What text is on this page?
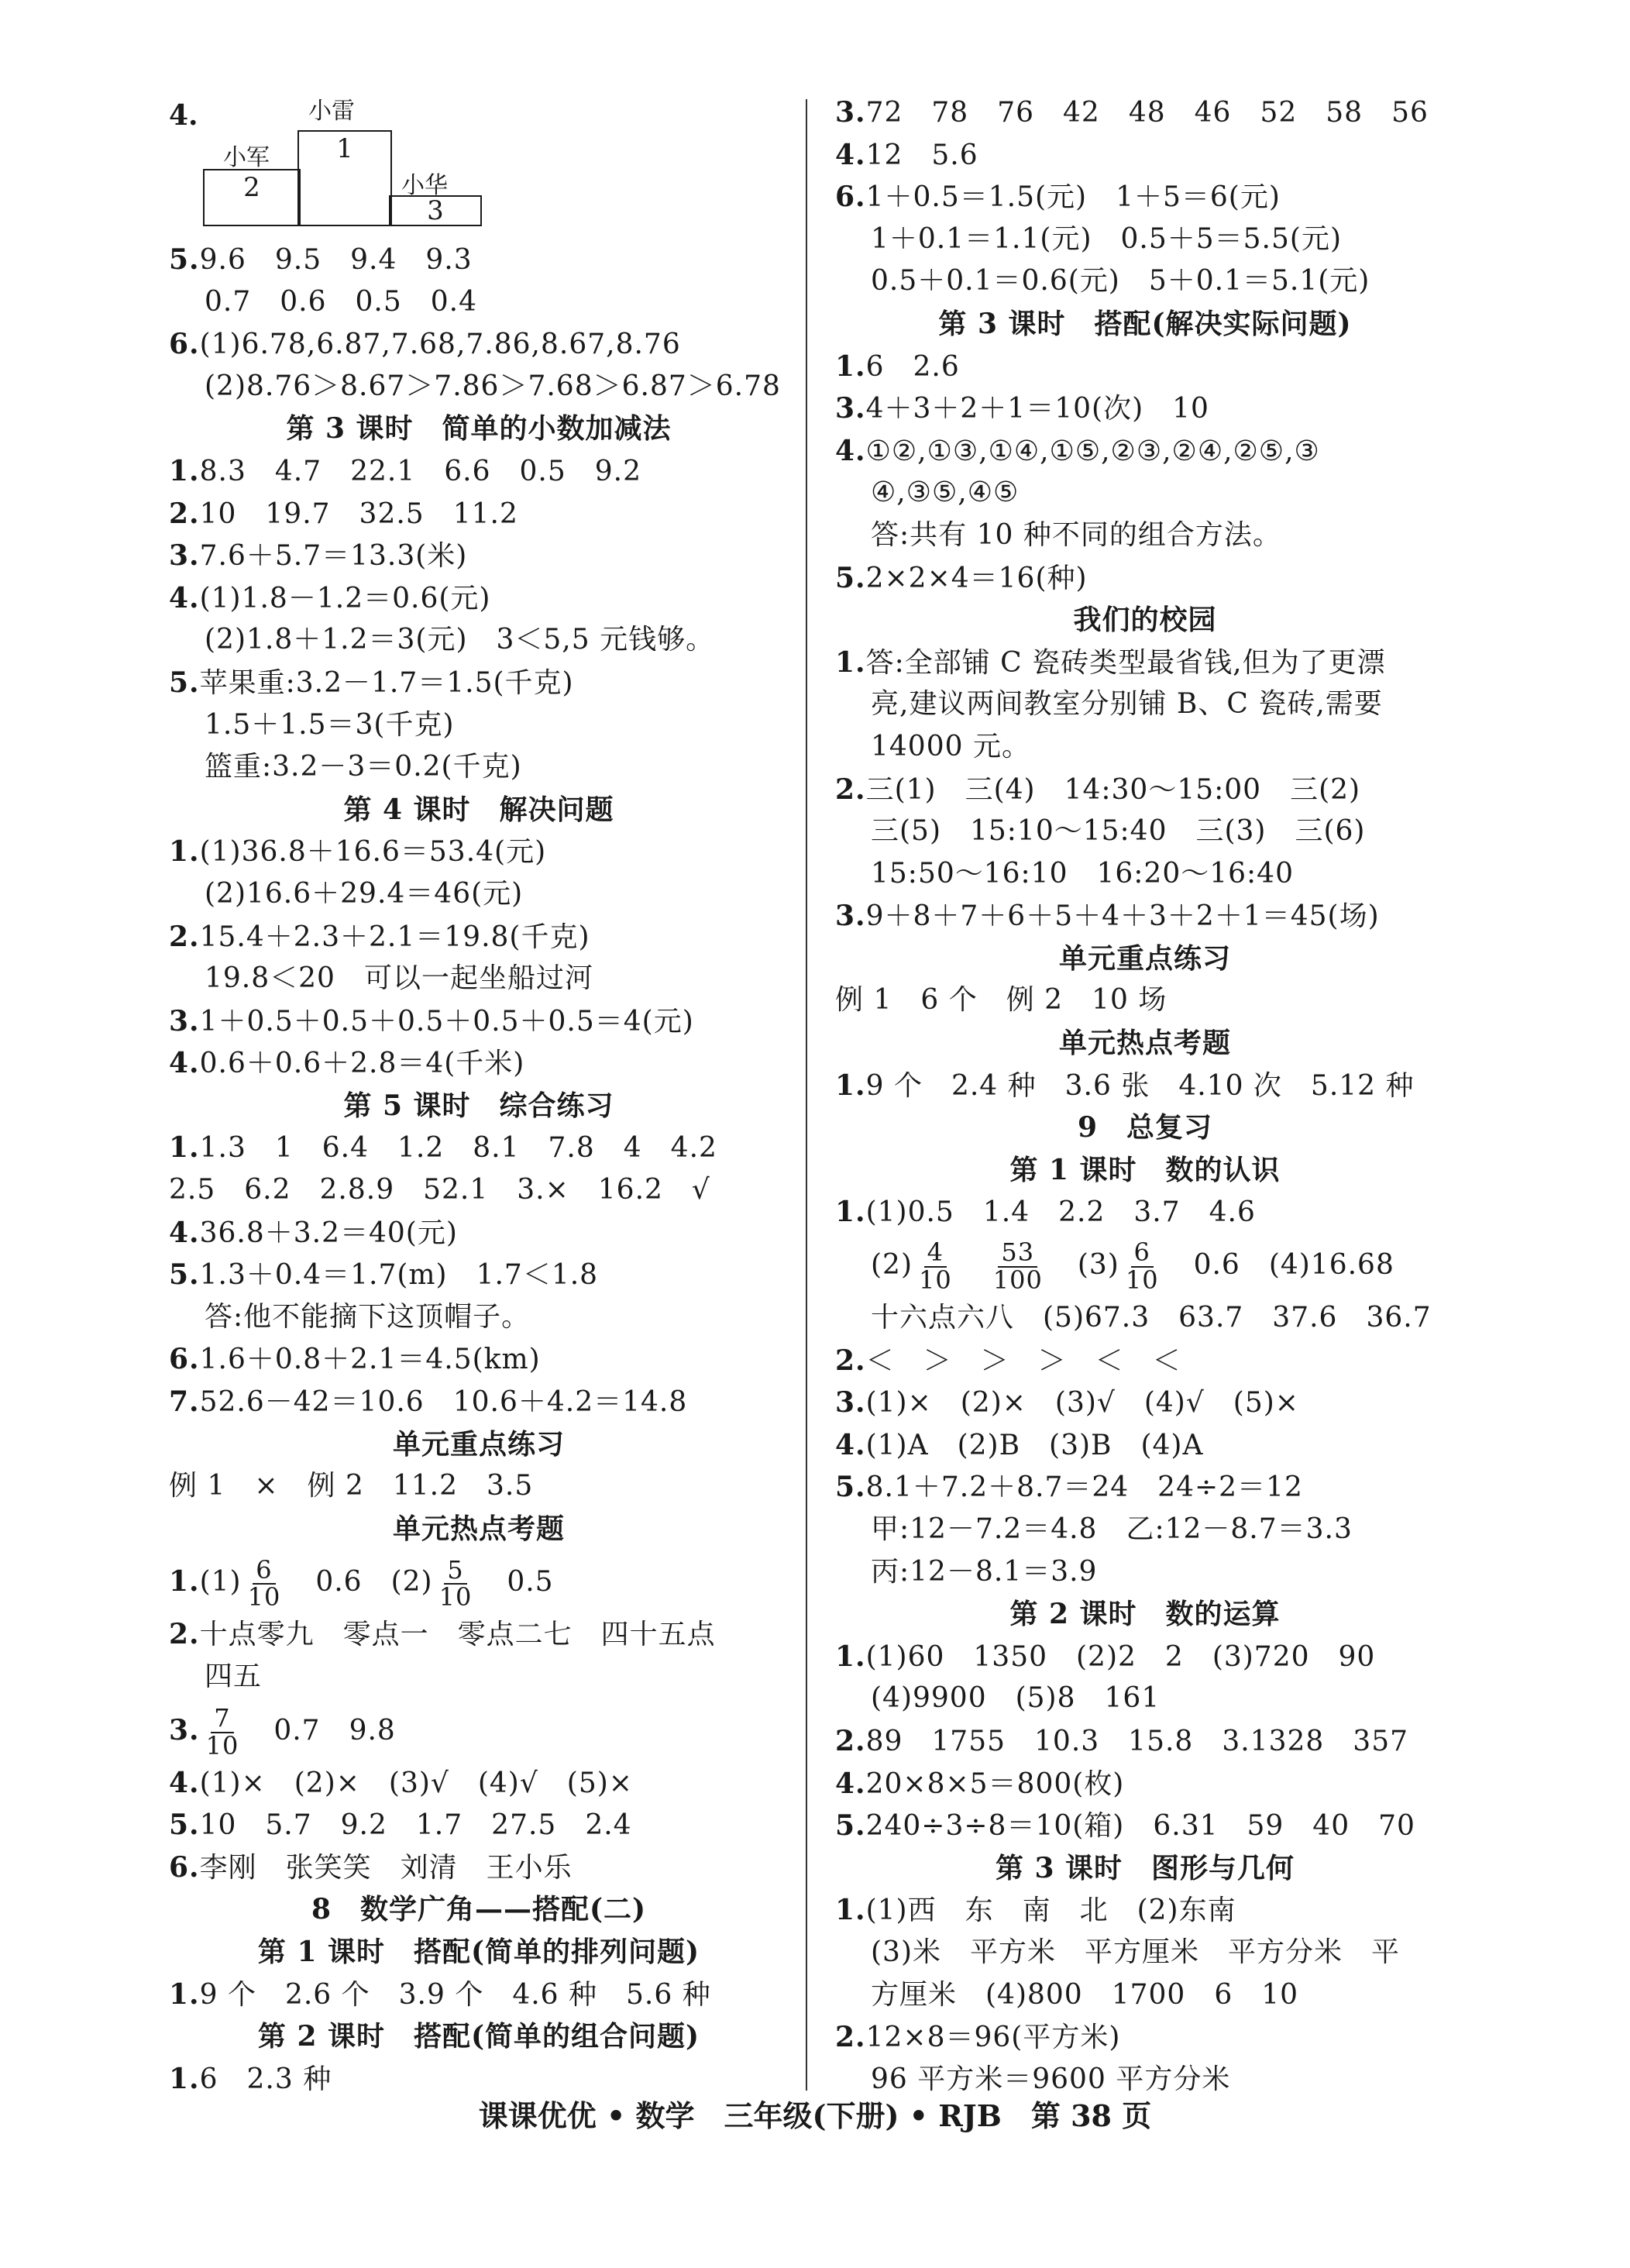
4.	小雷
小军
小华
2
1
3
5.9.6　9.5　9.4　9.3
0.7　0.6　0.5　0.4
6.(1)6.78,6.87,7.68,7.86,8.67,8.76
(2)8.76＞8.67＞7.86＞7.68＞6.87＞6.78
第 3 课时　简单的小数加减法
1.8.3　4.7　22.1　6.6　0.5　9.2
2.10　19.7　32.5　11.2
3.7.6＋5.7＝13.3(米)
4.(1)1.8－1.2＝0.6(元)
(2)1.8＋1.2＝3(元)　3＜5,5 元钱够。
5.苹果重:3.2－1.7＝1.5(千克)
1.5＋1.5＝3(千克)
篮重:3.2－3＝0.2(千克)
第 4 课时　解决问题
1.(1)36.8＋16.6＝53.4(元)
(2)16.6＋29.4＝46(元)
2.15.4＋2.3＋2.1＝19.8(千克)
19.8＜20　可以一起坐船过河
3.1＋0.5＋0.5＋0.5＋0.5＋0.5＝4(元)
4.0.6＋0.6＋2.8＝4(千米)
第 5 课时　综合练习
1.1.3　1　6.4　1.2　8.1　7.8　4　4.2
2.5　6.2　2.8.9　52.1　3.×　16.2　√
4.36.8＋3.2＝40(元)
5.1.3＋0.4＝1.7(m)　1.7＜1.8
答:他不能摘下这顶帽子。
6.1.6＋0.8＋2.1＝4.5(km)
7.52.6－42＝10.6　10.6＋4.2＝14.8
单元重点练习
例 1　×　例 2　11.2　3.5
单元热点考题
$1.(1) \frac{6}{10}$
　 0.6　$(2) \frac{5}{10}$
　 0.5
2.十点零九　零点一　零点二七　四十五点
四五
3. $\frac{7}{10}$
　 0.7　9.8
4.(1)×　(2)×　(3)√　(4)√　(5)×
5.10　5.7　9.2　1.7　27.5　2.4
6.李刚　张笑笑　刘清　王小乐
8　数学广角——搭配(二)
第 1 课时　搭配(简单的排列问题)
1.9 个　2.6 个　3.9 个　4.6 种　5.6 种
第 2 课时　搭配(简单的组合问题)
1.6　2.3 种
3.72　78　76　42　48　46　52　58　56
4.12　5.6
6.1＋0.5＝1.5(元)　1＋5＝6(元)
1＋0.1＝1.1(元)　0.5＋5＝5.5(元)
0.5＋0.1＝0.6(元)　5＋0.1＝5.1(元)
第 3 课时　搭配(解决实际问题)
1.6　2.6
3.4＋3＋2＋1＝10(次)　10
4.①②,①③,①④,①⑤,②③,②④,②⑤,③
④,③⑤,④⑤
答:共有 10 种不同的组合方法。
5.2×2×4＝16(种)
我们的校园
1.答:全部铺 C 瓷砖类型最省钱,但为了更漂
亮,建议两间教室分别铺 B、C 瓷砖,需要
14000 元。
2.三(1)　三(4)　14:30～15:00　三(2)
三(5)　15:10～15:40　三(3)　三(6)
15:50～16:10　16:20～16:40
3.9＋8＋7＋6＋5＋4＋3＋2＋1＝45(场)
单元重点练习
例 1　6 个　例 2　10 场
单元热点考题
1.9 个　2.4 种　3.6 张　4.10 次　5.12 种
9　总复习
第 1 课时　数的认识
1.(1)0.5　1.4　2.2　3.7　4.6
$(2) \frac{4}{10}$
　 $\frac{53}{100}$
　 $(3) \frac{6}{10}$
　 0.6　(4)16.68
十六点六八　(5)67.3　63.7　37.6　36.7
2.＜　＞　＞　＞　＜　＜
3.(1)×　(2)×　(3)√　(4)√　(5)×
4.(1)A　(2)B　(3)B　(4)A
5.8.1＋7.2＋8.7＝24　24÷2＝12
甲:12－7.2＝4.8　乙:12－8.7＝3.3
丙:12－8.1＝3.9
第 2 课时　数的运算
1.(1)60　1350　(2)2　2　(3)720　90
(4)9900　(5)8　161
2.89　1755　10.3　15.8　3.1328　357
4.20×8×5＝800(枚)
5.240÷3÷8＝10(箱)　6.31　59　40　70
第 3 课时　图形与几何
1.(1)西　东　南　北　(2)东南
(3)米　平方米　平方厘米　平方分米　平
方厘米　(4)800　1700　6　10
2.12×8＝96(平方米)
96 平方米＝9600 平方分米
课课优优 • 数学　三年级(下册) • RJB　第 38 页
